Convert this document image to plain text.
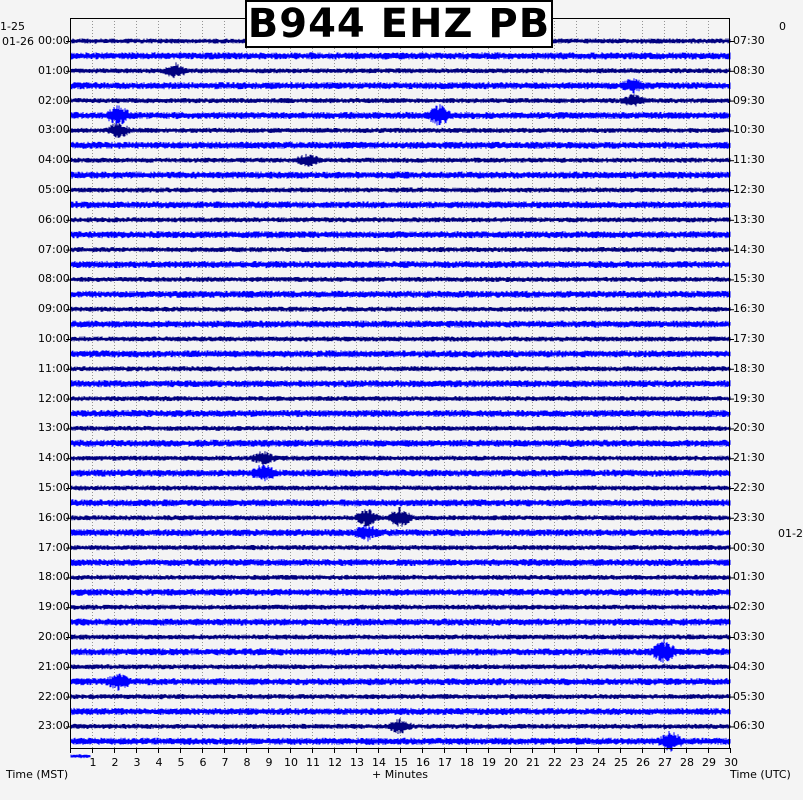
B944 EHZ PB
1-25	0
01-26
01-2
00:00
01:00
02:00
03:00
04:00
05:00
06:00
07:00
08:00
09:00
10:00
11:00
12:00
13:00
14:00
15:00
16:00
17:00
18:00
19:00
20:00
21:00
22:00
23:00
07:30
08:30
09:30
10:30
11:30
12:30
13:30
14:30
15:30
16:30
17:30
18:30
19:30
20:30
21:30
22:30
23:30
00:30
01:30
02:30
03:30
04:30
05:30
06:30
1 2 3 4 5 6 7 8 9 10 11 12 13 14 15 16 17 18 19 20 21 22 23 24 25 26 27 28 29 30
Time (MST)	+ Minutes	Time (UTC)
